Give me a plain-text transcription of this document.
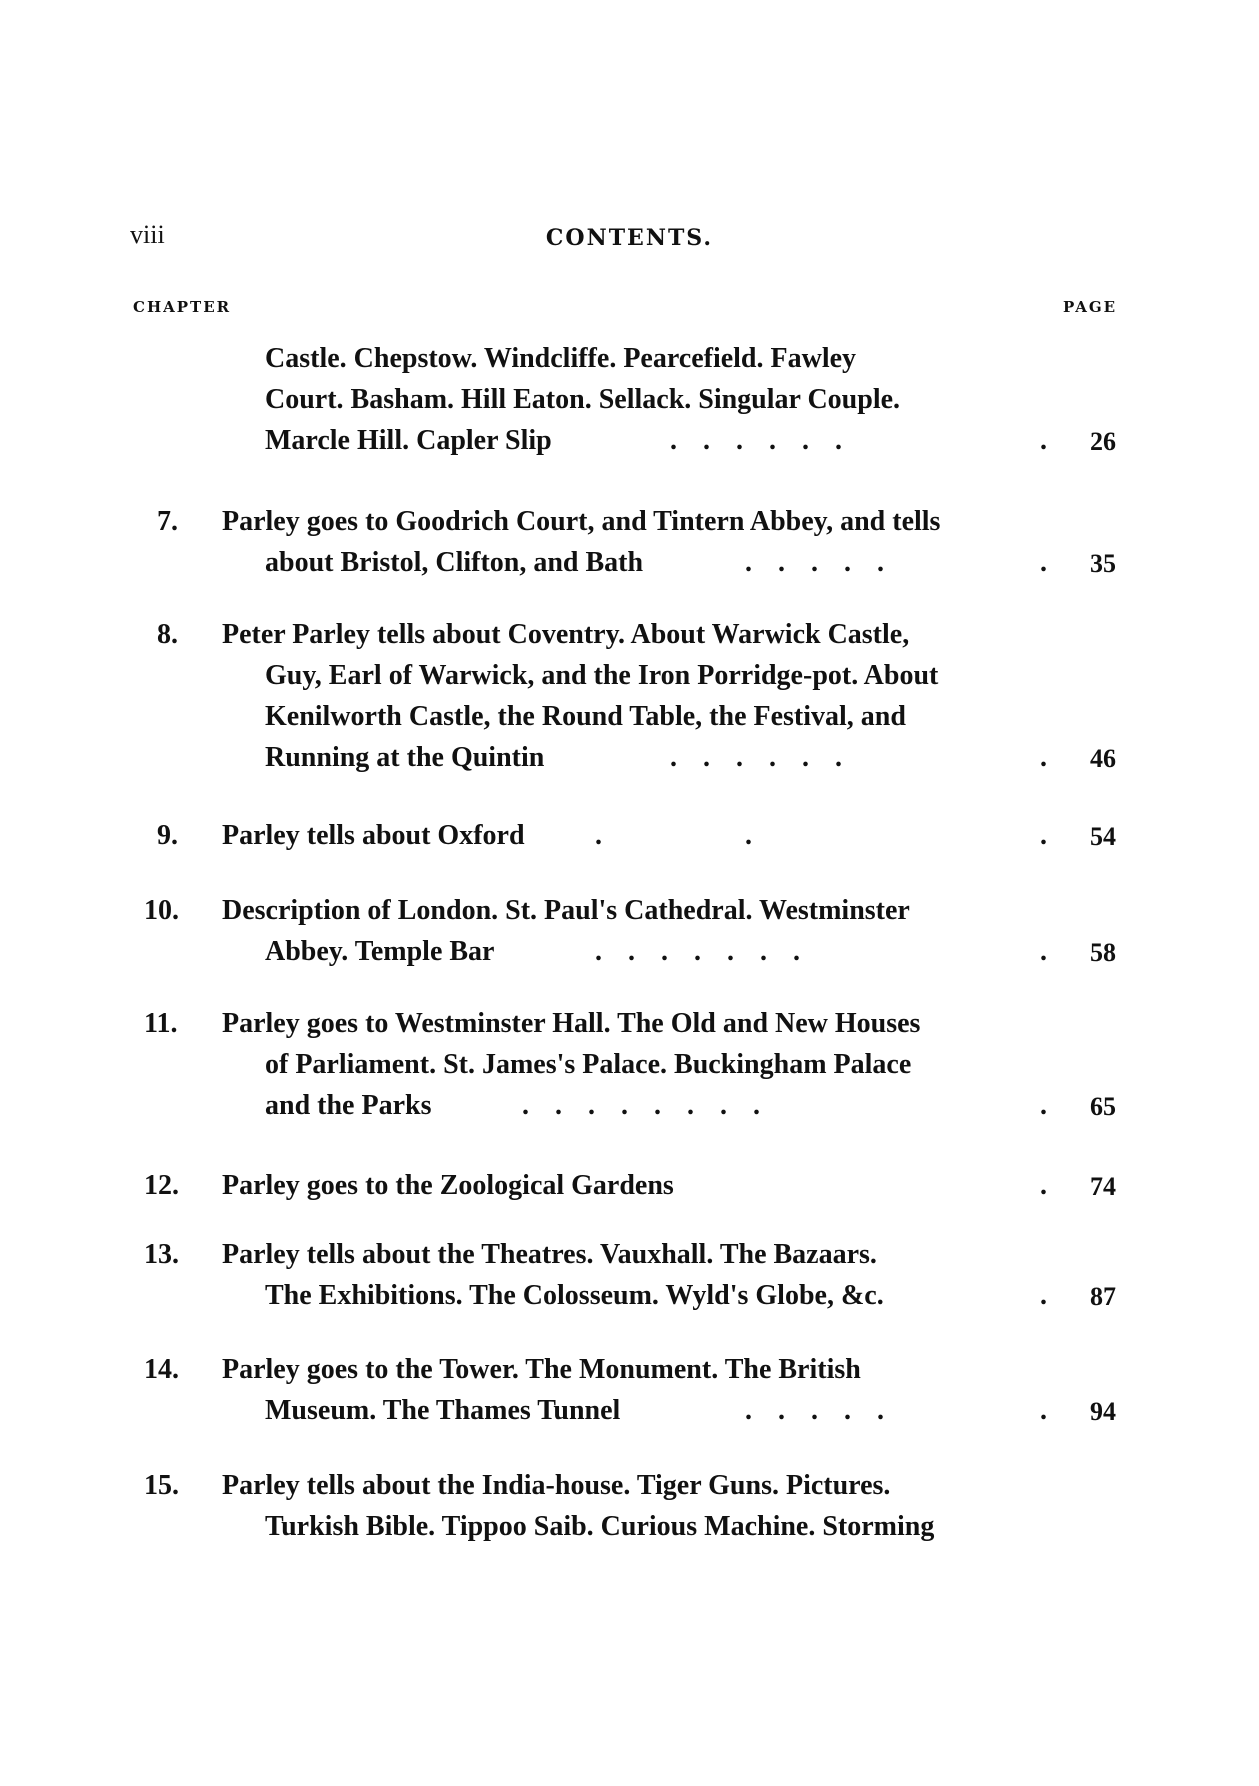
viii	CONTENTS.
CHAPTER	PAGE
Castle. Chepstow. Windcliffe. Pearcefield. Fawley
Court. Basham. Hill Eaton. Sellack. Singular Couple.
Marcle Hill. Capler Slip	......	. 26
7. Parley goes to Goodrich Court, and Tintern Abbey, and tells
about Bristol, Clifton, and Bath	.....	. 35
8. Peter Parley tells about Coventry. About Warwick Castle,
Guy, Earl of Warwick, and the Iron Porridge-pot. About
Kenilworth Castle, the Round Table, the Festival, and
Running at the Quintin	......	. 46
9. Parley tells about Oxford	.	.	. 54
10. Description of London. St. Paul's Cathedral. Westminster
Abbey. Temple Bar	.......	. 58
11. Parley goes to Westminster Hall. The Old and New Houses
of Parliament. St. James's Palace. Buckingham Palace
and the Parks	........	. 65
12. Parley goes to the Zoological Gardens	. 74
13. Parley tells about the Theatres. Vauxhall. The Bazaars.
The Exhibitions. The Colosseum. Wyld's Globe, &c.	. 87
14. Parley goes to the Tower. The Monument. The British
Museum. The Thames Tunnel	.....	. 94
15. Parley tells about the India-house. Tiger Guns. Pictures.
Turkish Bible. Tippoo Saib. Curious Machine. Storming
